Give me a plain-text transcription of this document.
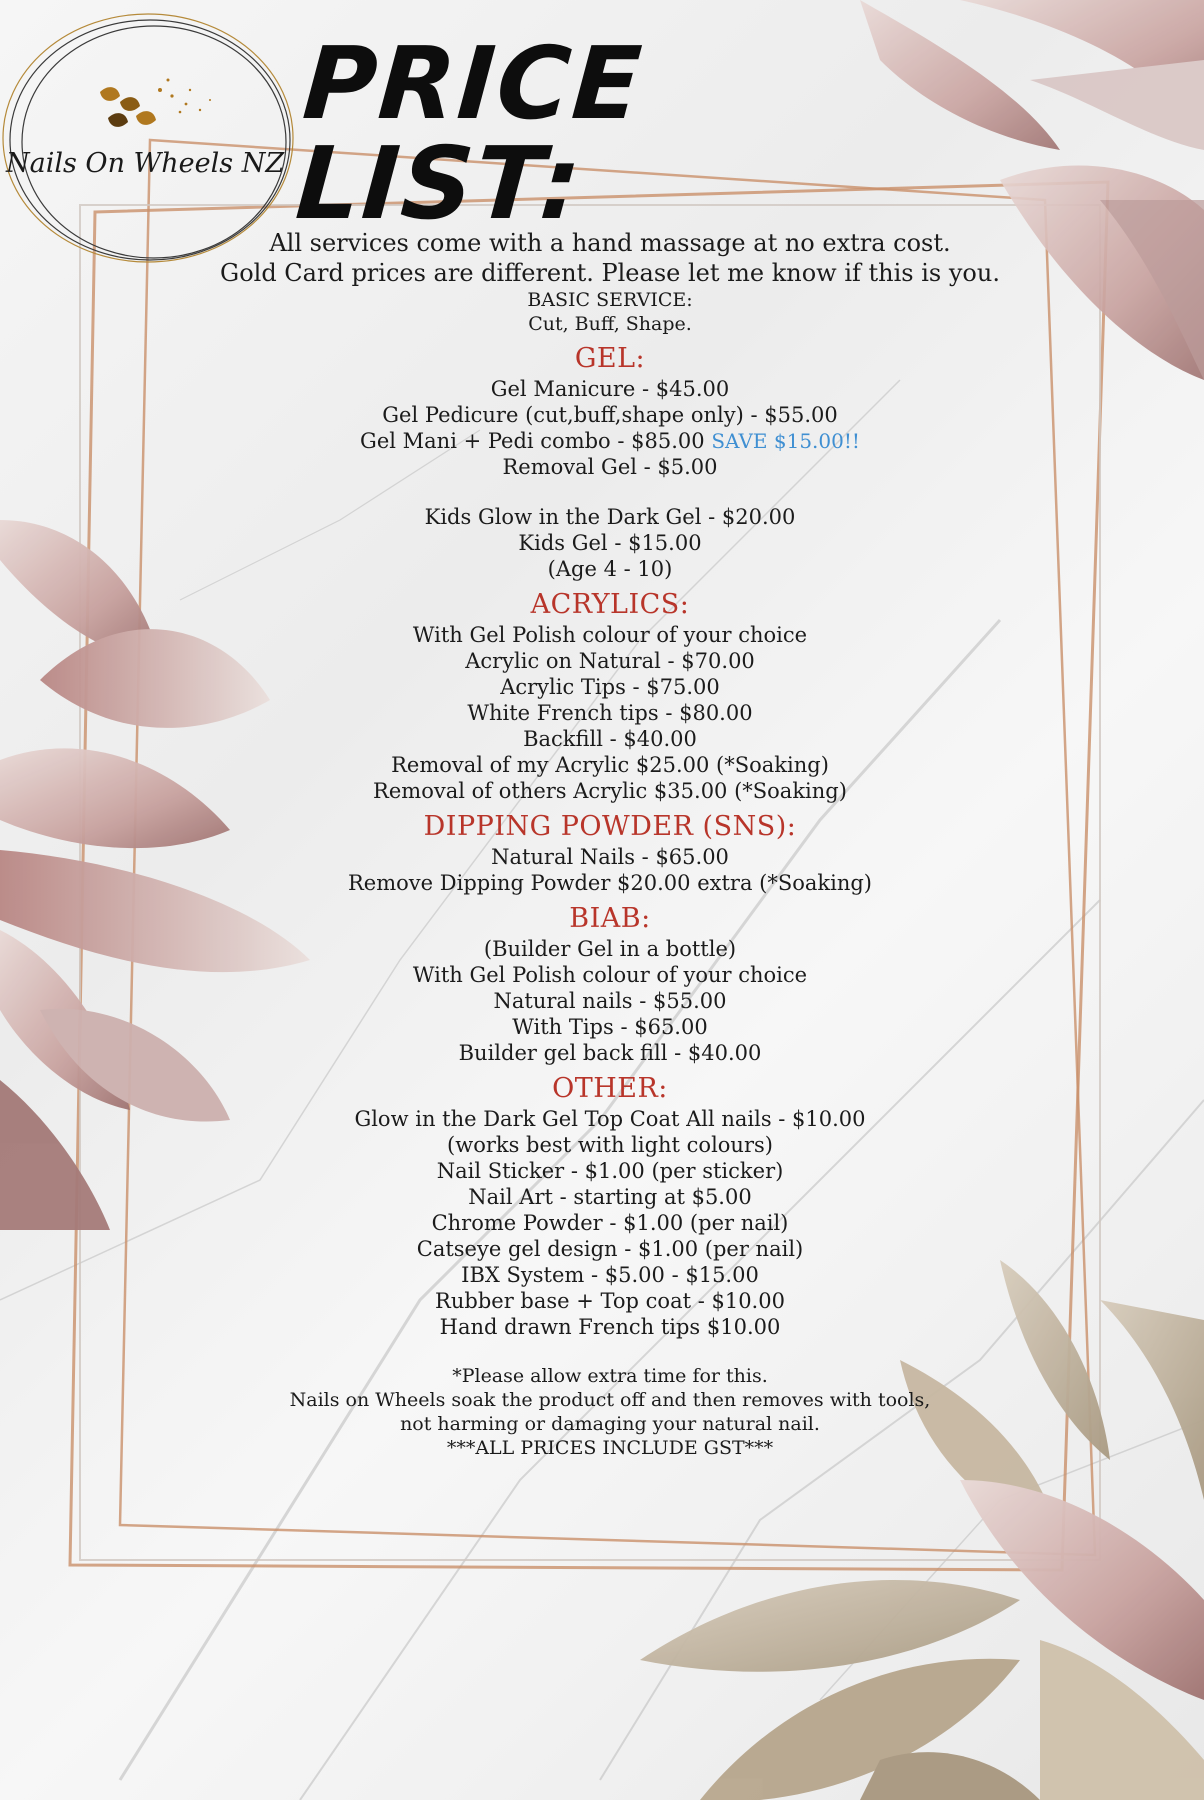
Nails On Wheels NZ
PRICE LIST:

All services come with a hand massage at no extra cost.

Gold Card prices are different. Please let me know if this is you.

BASIC SERVICE:

Cut, Buff, Shape.

GEL:

Gel Manicure - $45.00

Gel Pedicure (cut,buff,shape only) - $55.00

Gel Mani + Pedi combo - $85.00 SAVE $15.00!!

Removal Gel - $5.00

Kids Glow in the Dark Gel - $20.00

Kids Gel - $15.00

(Age 4 - 10)

ACRYLICS:

With Gel Polish colour of your choice

Acrylic on Natural - $70.00

Acrylic Tips - $75.00

White French tips - $80.00

Backfill - $40.00

Removal of my Acrylic $25.00 (*Soaking)

Removal of others Acrylic $35.00 (*Soaking)

DIPPING POWDER (SNS):

Natural Nails - $65.00

Remove Dipping Powder $20.00 extra (*Soaking)

BIAB:

(Builder Gel in a bottle)

With Gel Polish colour of your choice

Natural nails - $55.00

With Tips - $65.00

Builder gel back fill - $40.00

OTHER:

Glow in the Dark Gel Top Coat All nails - $10.00

(works best with light colours)

Nail Sticker - $1.00 (per sticker)

Nail Art - starting at $5.00

Chrome Powder - $1.00 (per nail)

Catseye gel design - $1.00 (per nail)

IBX System - $5.00 - $15.00

Rubber base + Top coat - $10.00

Hand drawn French tips $10.00

*Please allow extra time for this.

Nails on Wheels soak the product off and then removes with tools,

not harming or damaging your natural nail.

***ALL PRICES INCLUDE GST***
